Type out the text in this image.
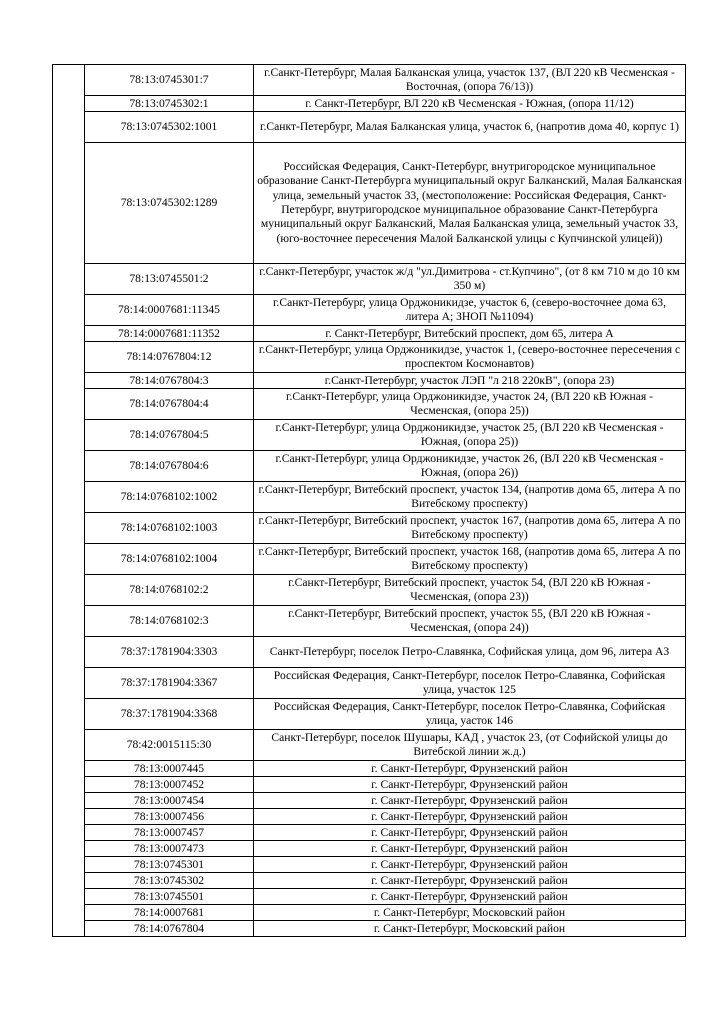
	78:13:0745301:7	г.Санкт-Петербург, Малая Балканская улица, участок 137, (ВЛ 220 кВ Чесменская - Восточная, (опора 76/13))
	78:13:0745302:1	г. Санкт-Петербург, ВЛ 220 кВ Чесменская - Южная, (опора 11/12)
	78:13:0745302:1001	г.Санкт-Петербург, Малая Балканская улица, участок 6, (напротив дома 40, корпус 1)
	78:13:0745302:1289	Российская Федерация, Санкт-Петербург, внутригородское муниципальное образование Санкт-Петербурга муниципальный округ Балканский, Малая Балканская улица, земельный участок 33, (местоположение: Российская Федерация, Санкт-Петербург, внутригородское муниципальное образование Санкт-Петербурга муниципальный округ Балканский, Малая Балканская улица, земельный участок 33, (юго-восточнее пересечения Малой Балканской улицы с Купчинской улицей))
	78:13:0745501:2	г.Санкт-Петербург, участок ж/д "ул.Димитрова - ст.Купчино", (от 8 км 710 м до 10 км 350 м)
	78:14:0007681:11345	г.Санкт-Петербург, улица Орджоникидзе, участок 6, (северо-восточнее дома 63, литера А; ЗНОП №11094)
	78:14:0007681:11352	г. Санкт-Петербург, Витебский проспект, дом 65, литера А
	78:14:0767804:12	г.Санкт-Петербург, улица Орджоникидзе, участок 1, (северо-восточнее пересечения с проспектом Космонавтов)
	78:14:0767804:3	г.Санкт-Петербург, участок ЛЭП "л 218 220кВ", (опора 23)
	78:14:0767804:4	г.Санкт-Петербург, улица Орджоникидзе, участок 24, (ВЛ 220 кВ Южная - Чесменская, (опора 25))
	78:14:0767804:5	г.Санкт-Петербург, улица Орджоникидзе, участок 25, (ВЛ 220 кВ Чесменская - Южная, (опора 25))
	78:14:0767804:6	г.Санкт-Петербург, улица Орджоникидзе, участок 26, (ВЛ 220 кВ Чесменская - Южная, (опора 26))
	78:14:0768102:1002	г.Санкт-Петербург, Витебский проспект, участок 134, (напротив дома 65, литера А по Витебскому проспекту)
	78:14:0768102:1003	г.Санкт-Петербург, Витебский проспект, участок 167, (напротив дома 65, литера А по Витебскому проспекту)
	78:14:0768102:1004	г.Санкт-Петербург, Витебский проспект, участок 168, (напротив дома 65, литера А по Витебскому проспекту)
	78:14:0768102:2	г.Санкт-Петербург, Витебский проспект, участок 54, (ВЛ 220 кВ Южная - Чесменская, (опора 23))
	78:14:0768102:3	г.Санкт-Петербург, Витебский проспект, участок 55, (ВЛ 220 кВ Южная - Чесменская, (опора 24))
	78:37:1781904:3303	Санкт-Петербург, поселок Петро-Славянка, Софийская улица, дом 96, литера А3
	78:37:1781904:3367	Российская Федерация, Санкт-Петербург, поселок Петро-Славянка, Софийская улица, участок 125
	78:37:1781904:3368	Российская Федерация, Санкт-Петербург, поселок Петро-Славянка, Софийская улица, уасток 146
	78:42:0015115:30	Санкт-Петербург, поселок Шушары, КАД , участок 23, (от Софийской улицы до Витебской линии ж.д.)
	78:13:0007445	г. Санкт-Петербург, Фрунзенский район
	78:13:0007452	г. Санкт-Петербург, Фрунзенский район
	78:13:0007454	г. Санкт-Петербург, Фрунзенский район
	78:13:0007456	г. Санкт-Петербург, Фрунзенский район
	78:13:0007457	г. Санкт-Петербург, Фрунзенский район
	78:13:0007473	г. Санкт-Петербург, Фрунзенский район
	78:13:0745301	г. Санкт-Петербург, Фрунзенский район
	78:13:0745302	г. Санкт-Петербург, Фрунзенский район
	78:13:0745501	г. Санкт-Петербург, Фрунзенский район
	78:14:0007681	г. Санкт-Петербург, Московский район
	78:14:0767804	г. Санкт-Петербург, Московский район
